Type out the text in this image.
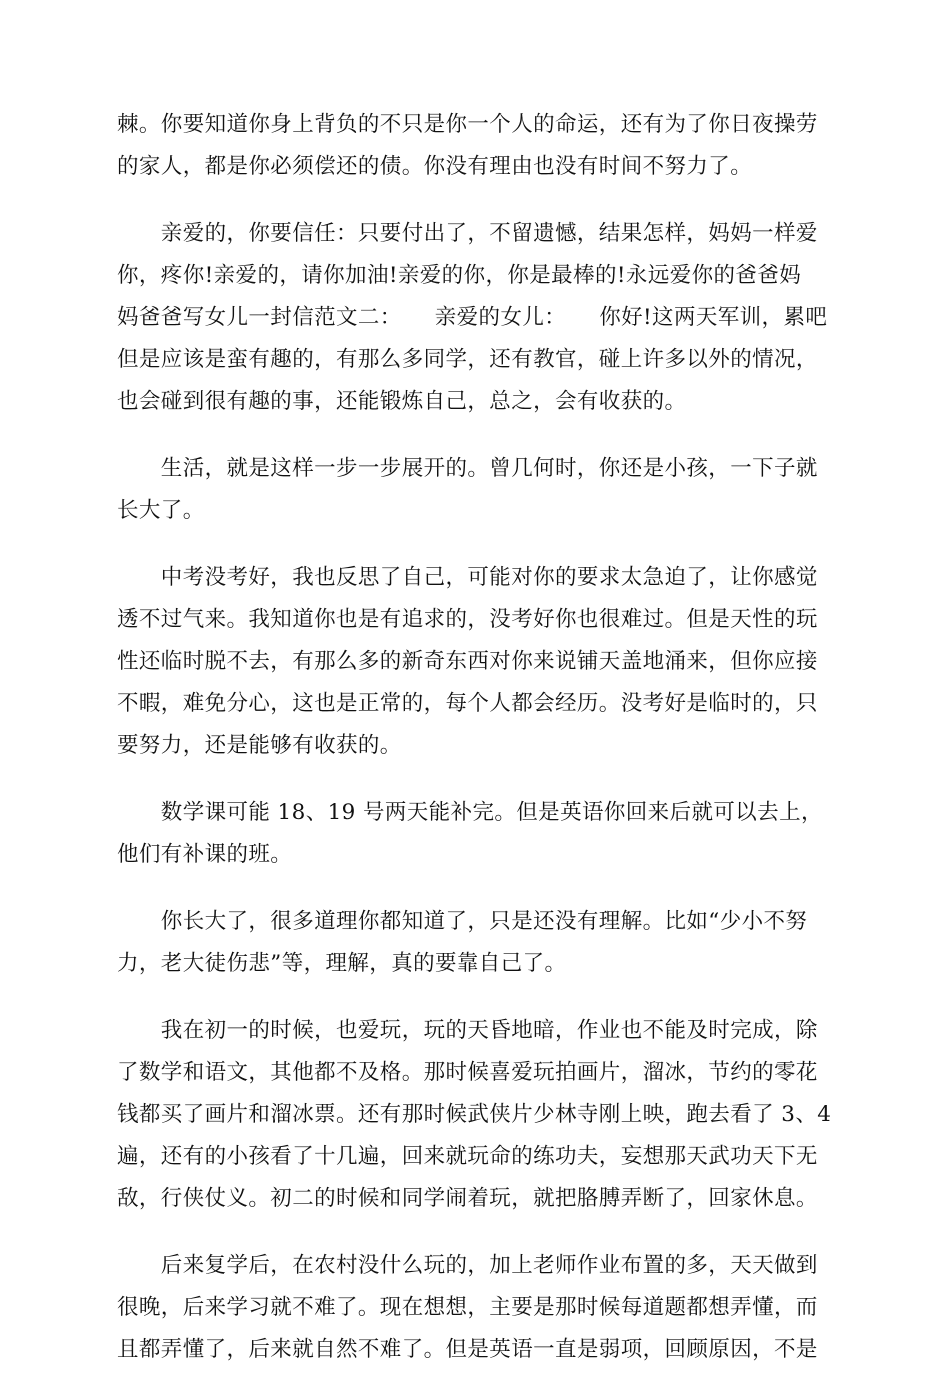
棘。你要知道你身上背负的不只是你一个人的命运，还有为了你日夜操劳
的家人，都是你必须偿还的债。你没有理由也没有时间不努力了。

　　亲爱的，你要信任：只要付出了，不留遗憾，结果怎样，妈妈一样爱
你，疼你!亲爱的，请你加油!亲爱的你，你是最棒的!永远爱你的爸爸妈
妈爸爸写女儿一封信范文二：　　亲爱的女儿：　　你好!这两天军训，累吧
但是应该是蛮有趣的，有那么多同学，还有教官，碰上许多以外的情况，
也会碰到很有趣的事，还能锻炼自己，总之，会有收获的。

　　生活，就是这样一步一步展开的。曾几何时，你还是小孩，一下子就
长大了。

　　中考没考好，我也反思了自己，可能对你的要求太急迫了，让你感觉
透不过气来。我知道你也是有追求的，没考好你也很难过。但是天性的玩
性还临时脱不去，有那么多的新奇东西对你来说铺天盖地涌来，但你应接
不暇，难免分心，这也是正常的，每个人都会经历。没考好是临时的，只
要努力，还是能够有收获的。

　　数学课可能 18、19 号两天能补完。但是英语你回来后就可以去上，
他们有补课的班。

　　你长大了，很多道理你都知道了，只是还没有理解。比如“少小不努
力，老大徒伤悲”等，理解，真的要靠自己了。

　　我在初一的时候，也爱玩，玩的天昏地暗，作业也不能及时完成，除
了数学和语文，其他都不及格。那时候喜爱玩拍画片，溜冰，节约的零花
钱都买了画片和溜冰票。还有那时候武侠片少林寺刚上映，跑去看了 3、4
遍，还有的小孩看了十几遍，回来就玩命的练功夫，妄想那天武功天下无
敌，行侠仗义。初二的时候和同学闹着玩，就把胳膊弄断了，回家休息。

　　后来复学后，在农村没什么玩的，加上老师作业布置的多，天天做到
很晚，后来学习就不难了。现在想想，主要是那时候每道题都想弄懂，而
且都弄懂了，后来就自然不难了。但是英语一直是弱项，回顾原因，不是
